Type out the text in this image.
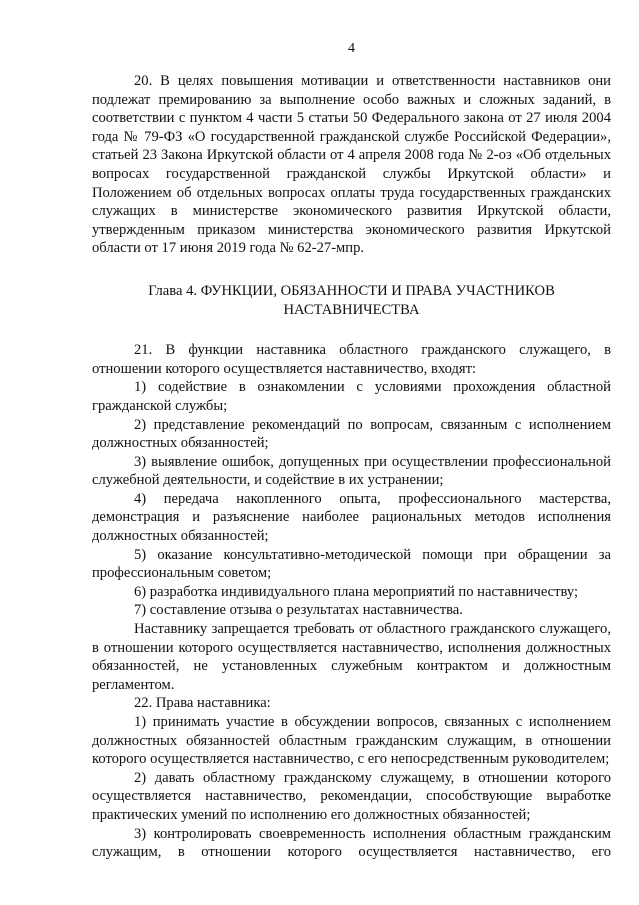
4

20. В целях повышения мотивации и ответственности наставников они подлежат премированию за выполнение особо важных и сложных заданий, в соответствии с пунктом 4 части 5 статьи 50 Федерального закона от 27 июля 2004 года № 79-ФЗ «О государственной гражданской службе Российской Федерации», статьей 23 Закона Иркутской области от 4 апреля 2008 года № 2-оз «Об отдельных вопросах государственной гражданской службы Иркутской области» и Положением об отдельных вопросах оплаты труда государственных гражданских служащих в министерстве экономического развития Иркутской области, утвержденным приказом министерства экономического развития Иркутской области от 17 июня 2019 года № 62-27-мпр.

Глава 4. ФУНКЦИИ, ОБЯЗАННОСТИ И ПРАВА УЧАСТНИКОВ НАСТАВНИЧЕСТВА

21. В функции наставника областного гражданского служащего, в отношении которого осуществляется наставничество, входят:

1) содействие в ознакомлении с условиями прохождения областной гражданской службы;

2) представление рекомендаций по вопросам, связанным с исполнением должностных обязанностей;

3) выявление ошибок, допущенных при осуществлении профессиональной служебной деятельности, и содействие в их устранении;

4) передача накопленного опыта, профессионального мастерства, демонстрация и разъяснение наиболее рациональных методов исполнения должностных обязанностей;

5) оказание консультативно-методической помощи при обращении за профессиональным советом;

6) разработка индивидуального плана мероприятий по наставничеству;

7) составление отзыва о результатах наставничества.

Наставнику запрещается требовать от областного гражданского служащего, в отношении которого осуществляется наставничество, исполнения должностных обязанностей, не установленных служебным контрактом и должностным регламентом.

22. Права наставника:

1) принимать участие в обсуждении вопросов, связанных с исполнением должностных обязанностей областным гражданским служащим, в отношении которого осуществляется наставничество, с его непосредственным руководителем;

2) давать областному гражданскому служащему, в отношении которого осуществляется наставничество, рекомендации, способствующие выработке практических умений по исполнению его должностных обязанностей;

3) контролировать своевременность исполнения областным гражданским служащим, в отношении которого осуществляется наставничество, его
